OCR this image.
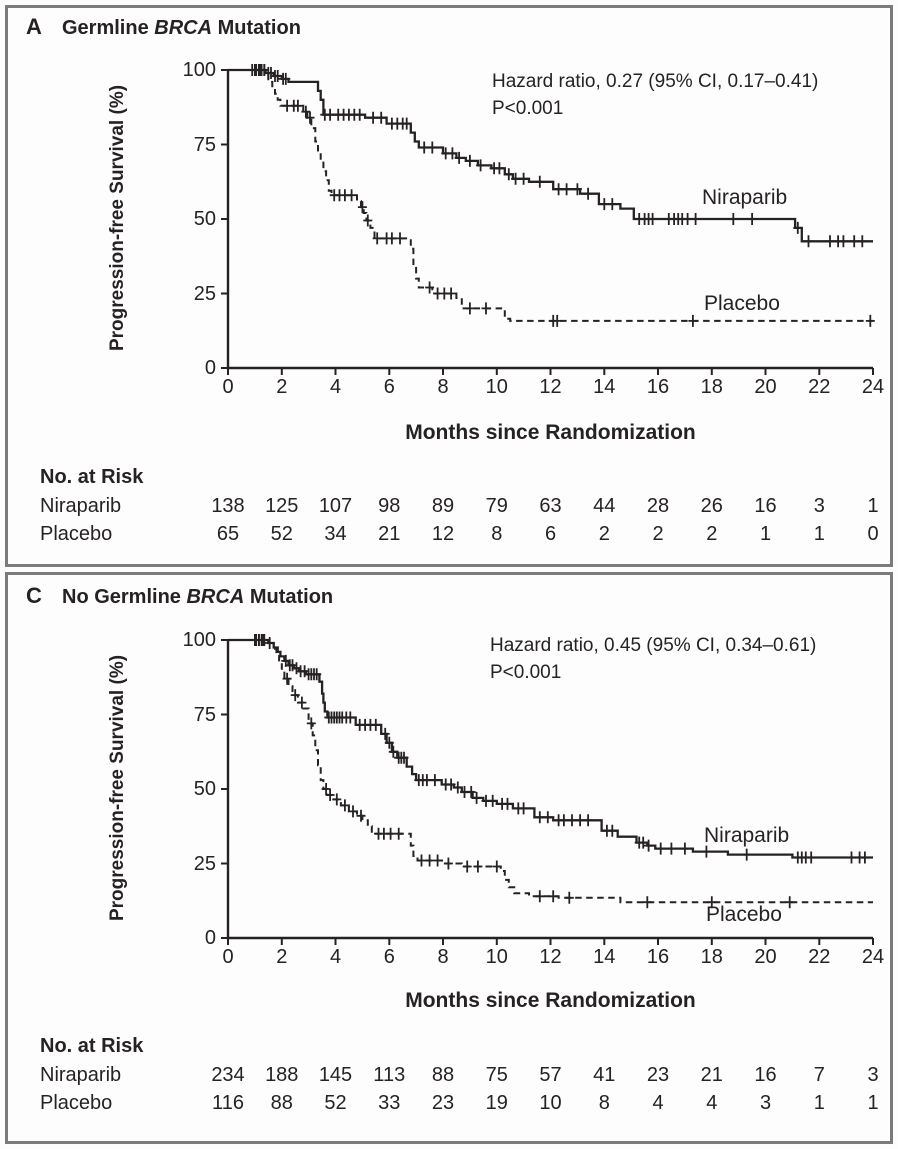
A Germline BRCA Mutation
Hazard ratio, 0.27 (95% CI, 0.17–0.41)
P<0.001
Progression-free Survival (%)
100
75
50
25
0
0 2 4 6 8 10 12 14 16 18 20 22 24
Months since Randomization
Niraparib
Placebo
No. at Risk
Niraparib
Placebo
138 125 107 98 89 79 63 44 28 26 16 3 1
65 52 34 21 12 8 6 2 2 2 1 1 0
C No Germline BRCA Mutation
Hazard ratio, 0.45 (95% CI, 0.34–0.61)
P<0.001
Progression-free Survival (%)
100
75
50
25
0
0 2 4 6 8 10 12 14 16 18 20 22 24
Months since Randomization
Niraparib
Placebo
No. at Risk
Niraparib
Placebo
234 188 145 113 88 75 57 41 23 21 16 7 3
116 88 52 33 23 19 10 8 4 4 3 1 1
